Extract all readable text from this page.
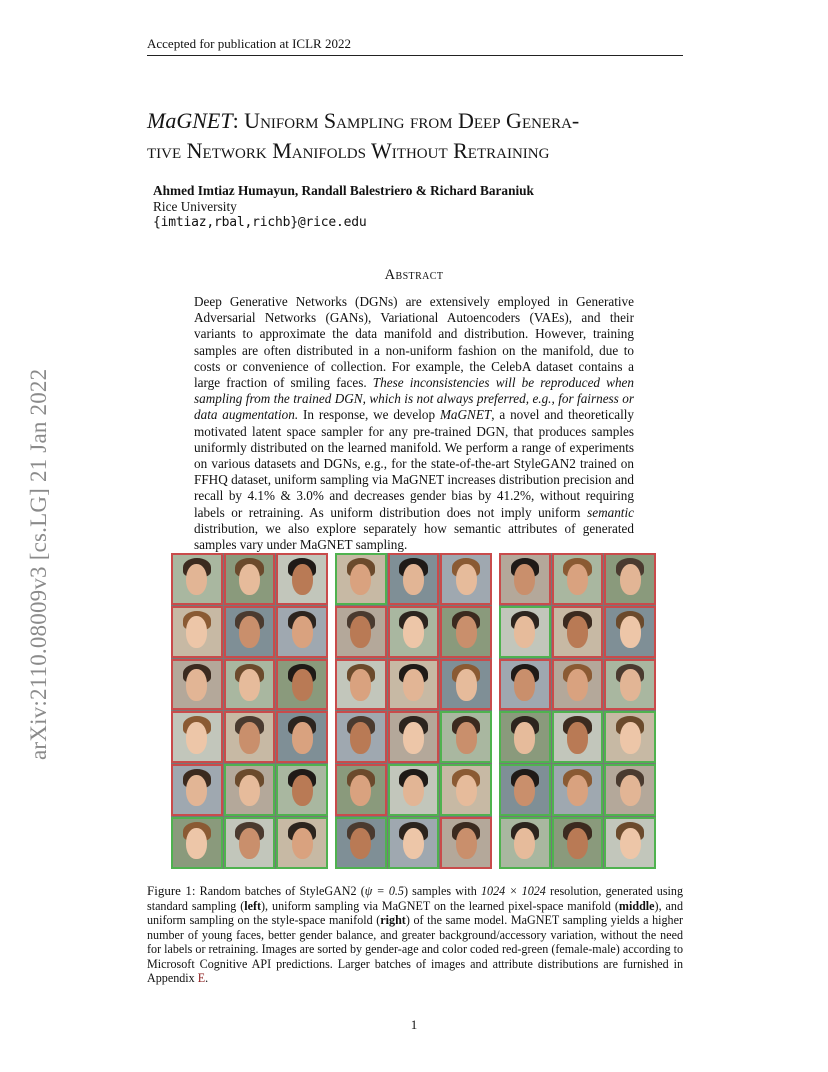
Accepted for publication at ICLR 2022
arXiv:2110.08009v3 [cs.LG] 21 Jan 2022
MaGNET: Uniform Sampling from Deep Genera-
tive Network Manifolds Without Retraining
Ahmed Imtiaz Humayun, Randall Balestriero & Richard Baraniuk
Rice University
{imtiaz,rbal,richb}@rice.edu
Abstract
Deep Generative Networks (DGNs) are extensively employed in Generative Adversarial Networks (GANs), Variational Autoencoders (VAEs), and their variants to approximate the data manifold and distribution. However, training samples are often distributed in a non-uniform fashion on the manifold, due to costs or convenience of collection. For example, the CelebA dataset contains a large fraction of smiling faces. These inconsistencies will be reproduced when sampling from the trained DGN, which is not always preferred, e.g., for fairness or data augmentation. In response, we develop MaGNET, a novel and theoretically motivated latent space sampler for any pre-trained DGN, that produces samples uniformly distributed on the learned manifold. We perform a range of experiments on various datasets and DGNs, e.g., for the state-of-the-art StyleGAN2 trained on FFHQ dataset, uniform sampling via MaGNET increases distribution precision and recall by 4.1% & 3.0% and decreases gender bias by 41.2%, without requiring labels or retraining. As uniform distribution does not imply uniform semantic distribution, we also explore separately how semantic attributes of generated samples vary under MaGNET sampling.
Figure 1: Random batches of StyleGAN2 (ψ = 0.5) samples with 1024 × 1024 resolution, generated using standard sampling (left), uniform sampling via MaGNET on the learned pixel-space manifold (middle), and uniform sampling on the style-space manifold (right) of the same model. MaGNET sampling yields a higher number of young faces, better gender balance, and greater background/accessory variation, without the need for labels or retraining. Images are sorted by gender-age and color coded red-green (female-male) according to Microsoft Cognitive API predictions. Larger batches of images and attribute distributions are furnished in Appendix E.
1
